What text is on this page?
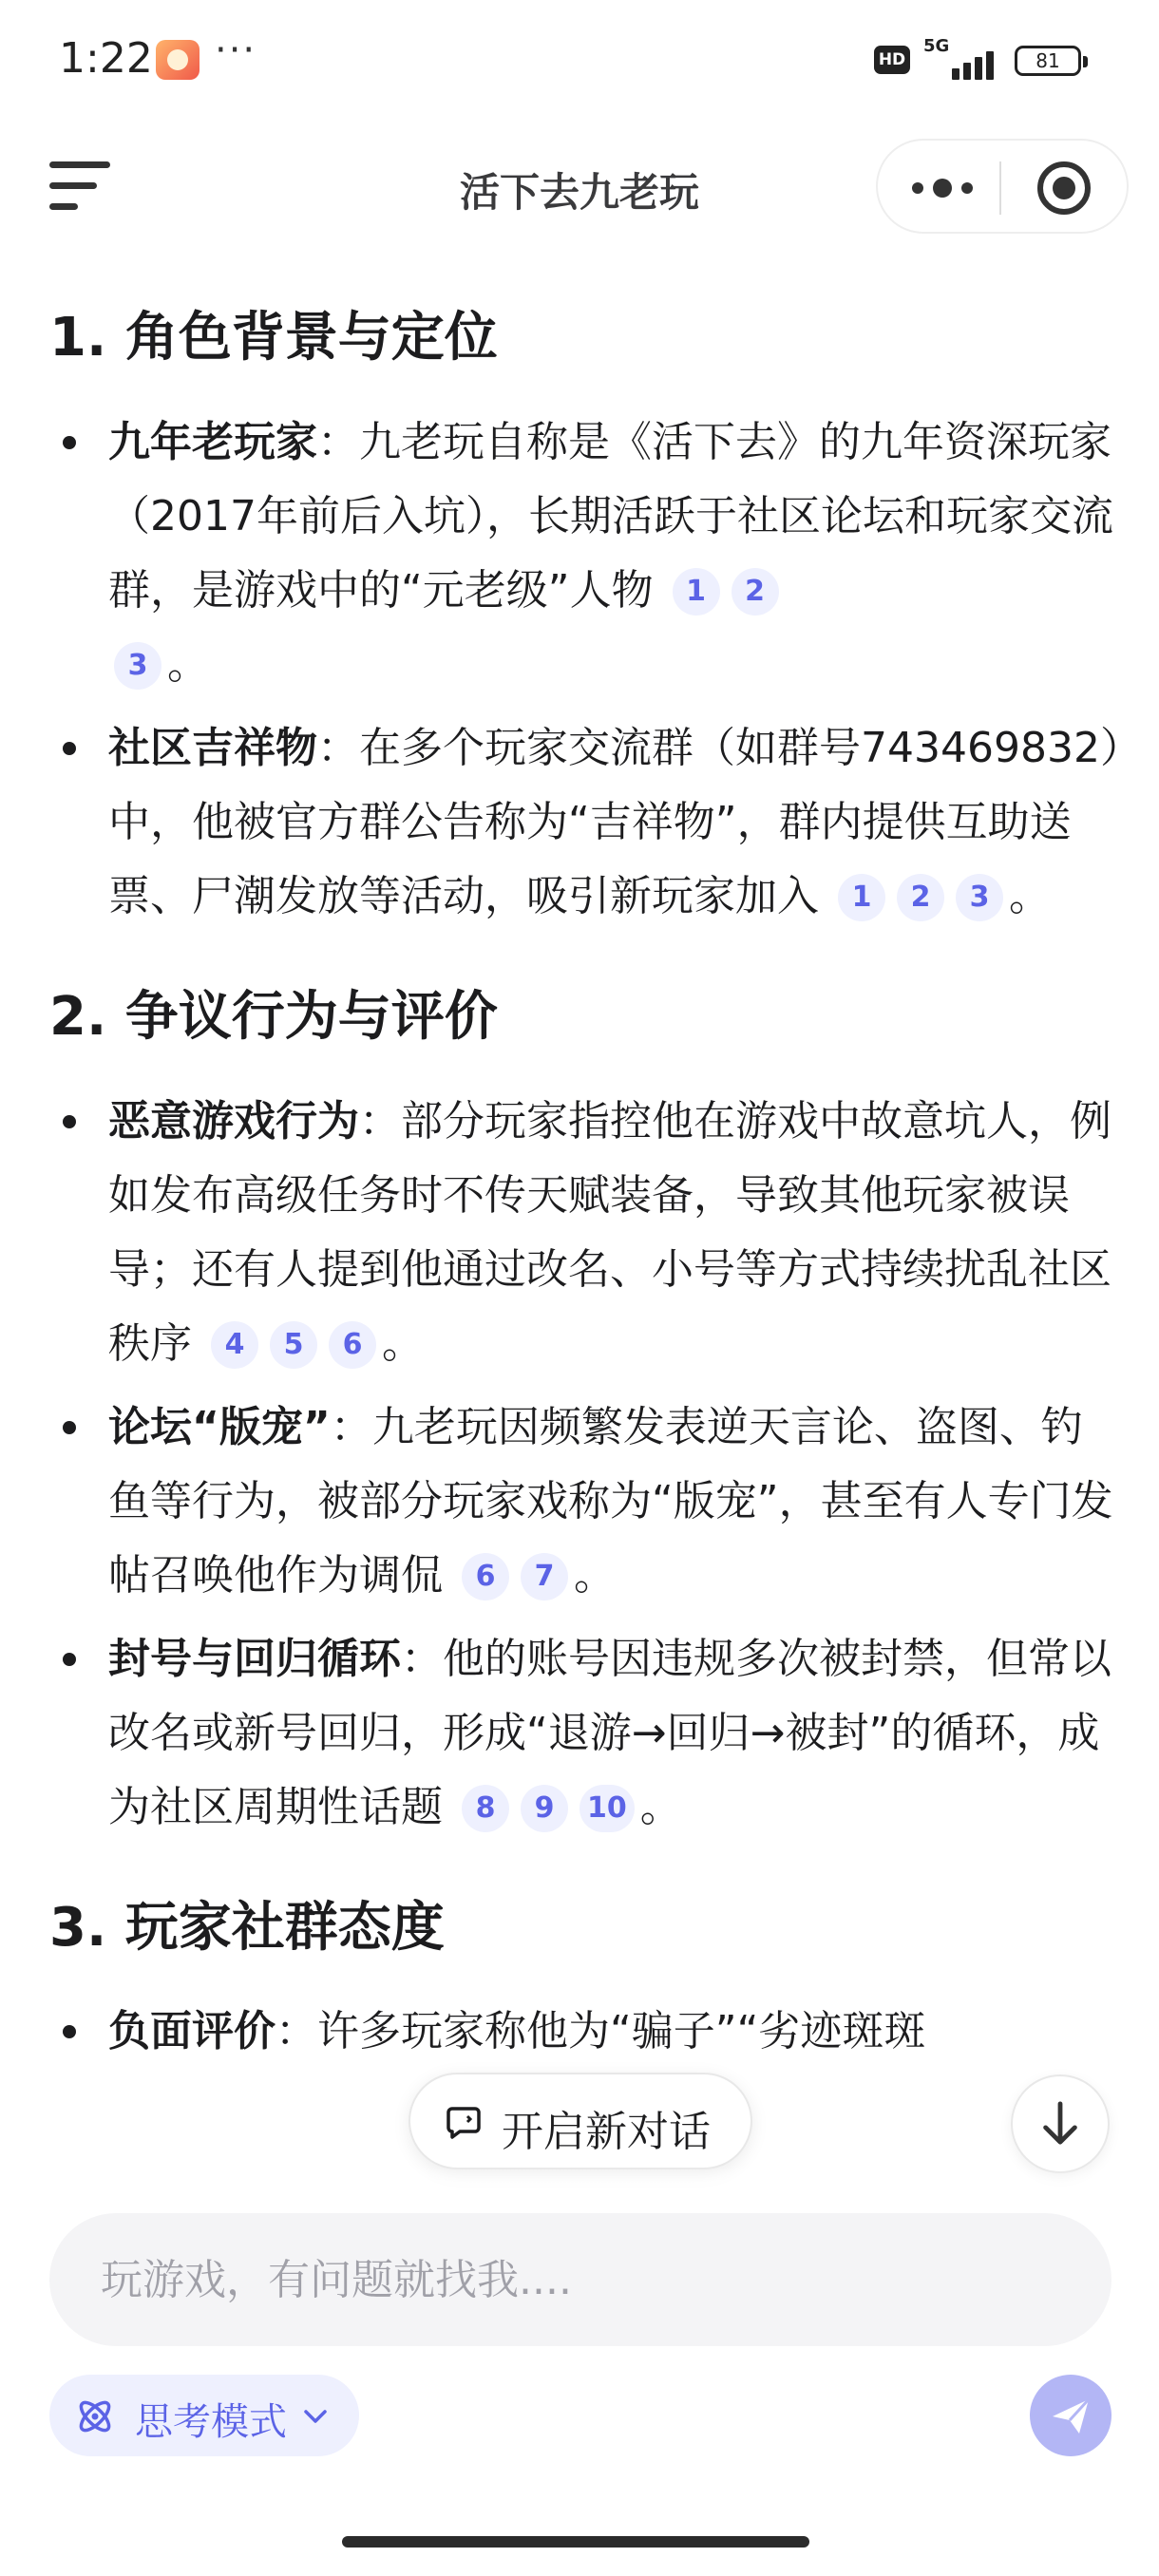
1:22 ···	HD
5G
81
活下去九老玩
1. 角色背景与定位
九年老玩家：九老玩自称是《活下去》的九年资深玩家（2017年前后入坑），长期活跃于社区论坛和玩家交流群，是游戏中的“元老级”人物 1 2
3 。
社区吉祥物：在多个玩家交流群（如群号743469832）中，他被官方群公告称为“吉祥物”，群内提供互助送票、尸潮发放等活动，吸引新玩家加入 1 2 3 。
2. 争议行为与评价
恶意游戏行为：部分玩家指控他在游戏中故意坑人，例如发布高级任务时不传天赋装备，导致其他玩家被误导；还有人提到他通过改名、小号等方式持续扰乱社区秩序 4 5 6 。
论坛“版宠”：九老玩因频繁发表逆天言论、盗图、钓鱼等行为，被部分玩家戏称为“版宠”，甚至有人专门发帖召唤他作为调侃 6 7 。
封号与回归循环：他的账号因违规多次被封禁，但常以改名或新号回归，形成“退游→回归→被封”的循环，成为社区周期性话题 8 9 10 。
3. 玩家社群态度
负面评价：许多玩家称他为“骗子”“劣迹斑斑
开启新对话
玩游戏，有问题就找我....
思考模式
